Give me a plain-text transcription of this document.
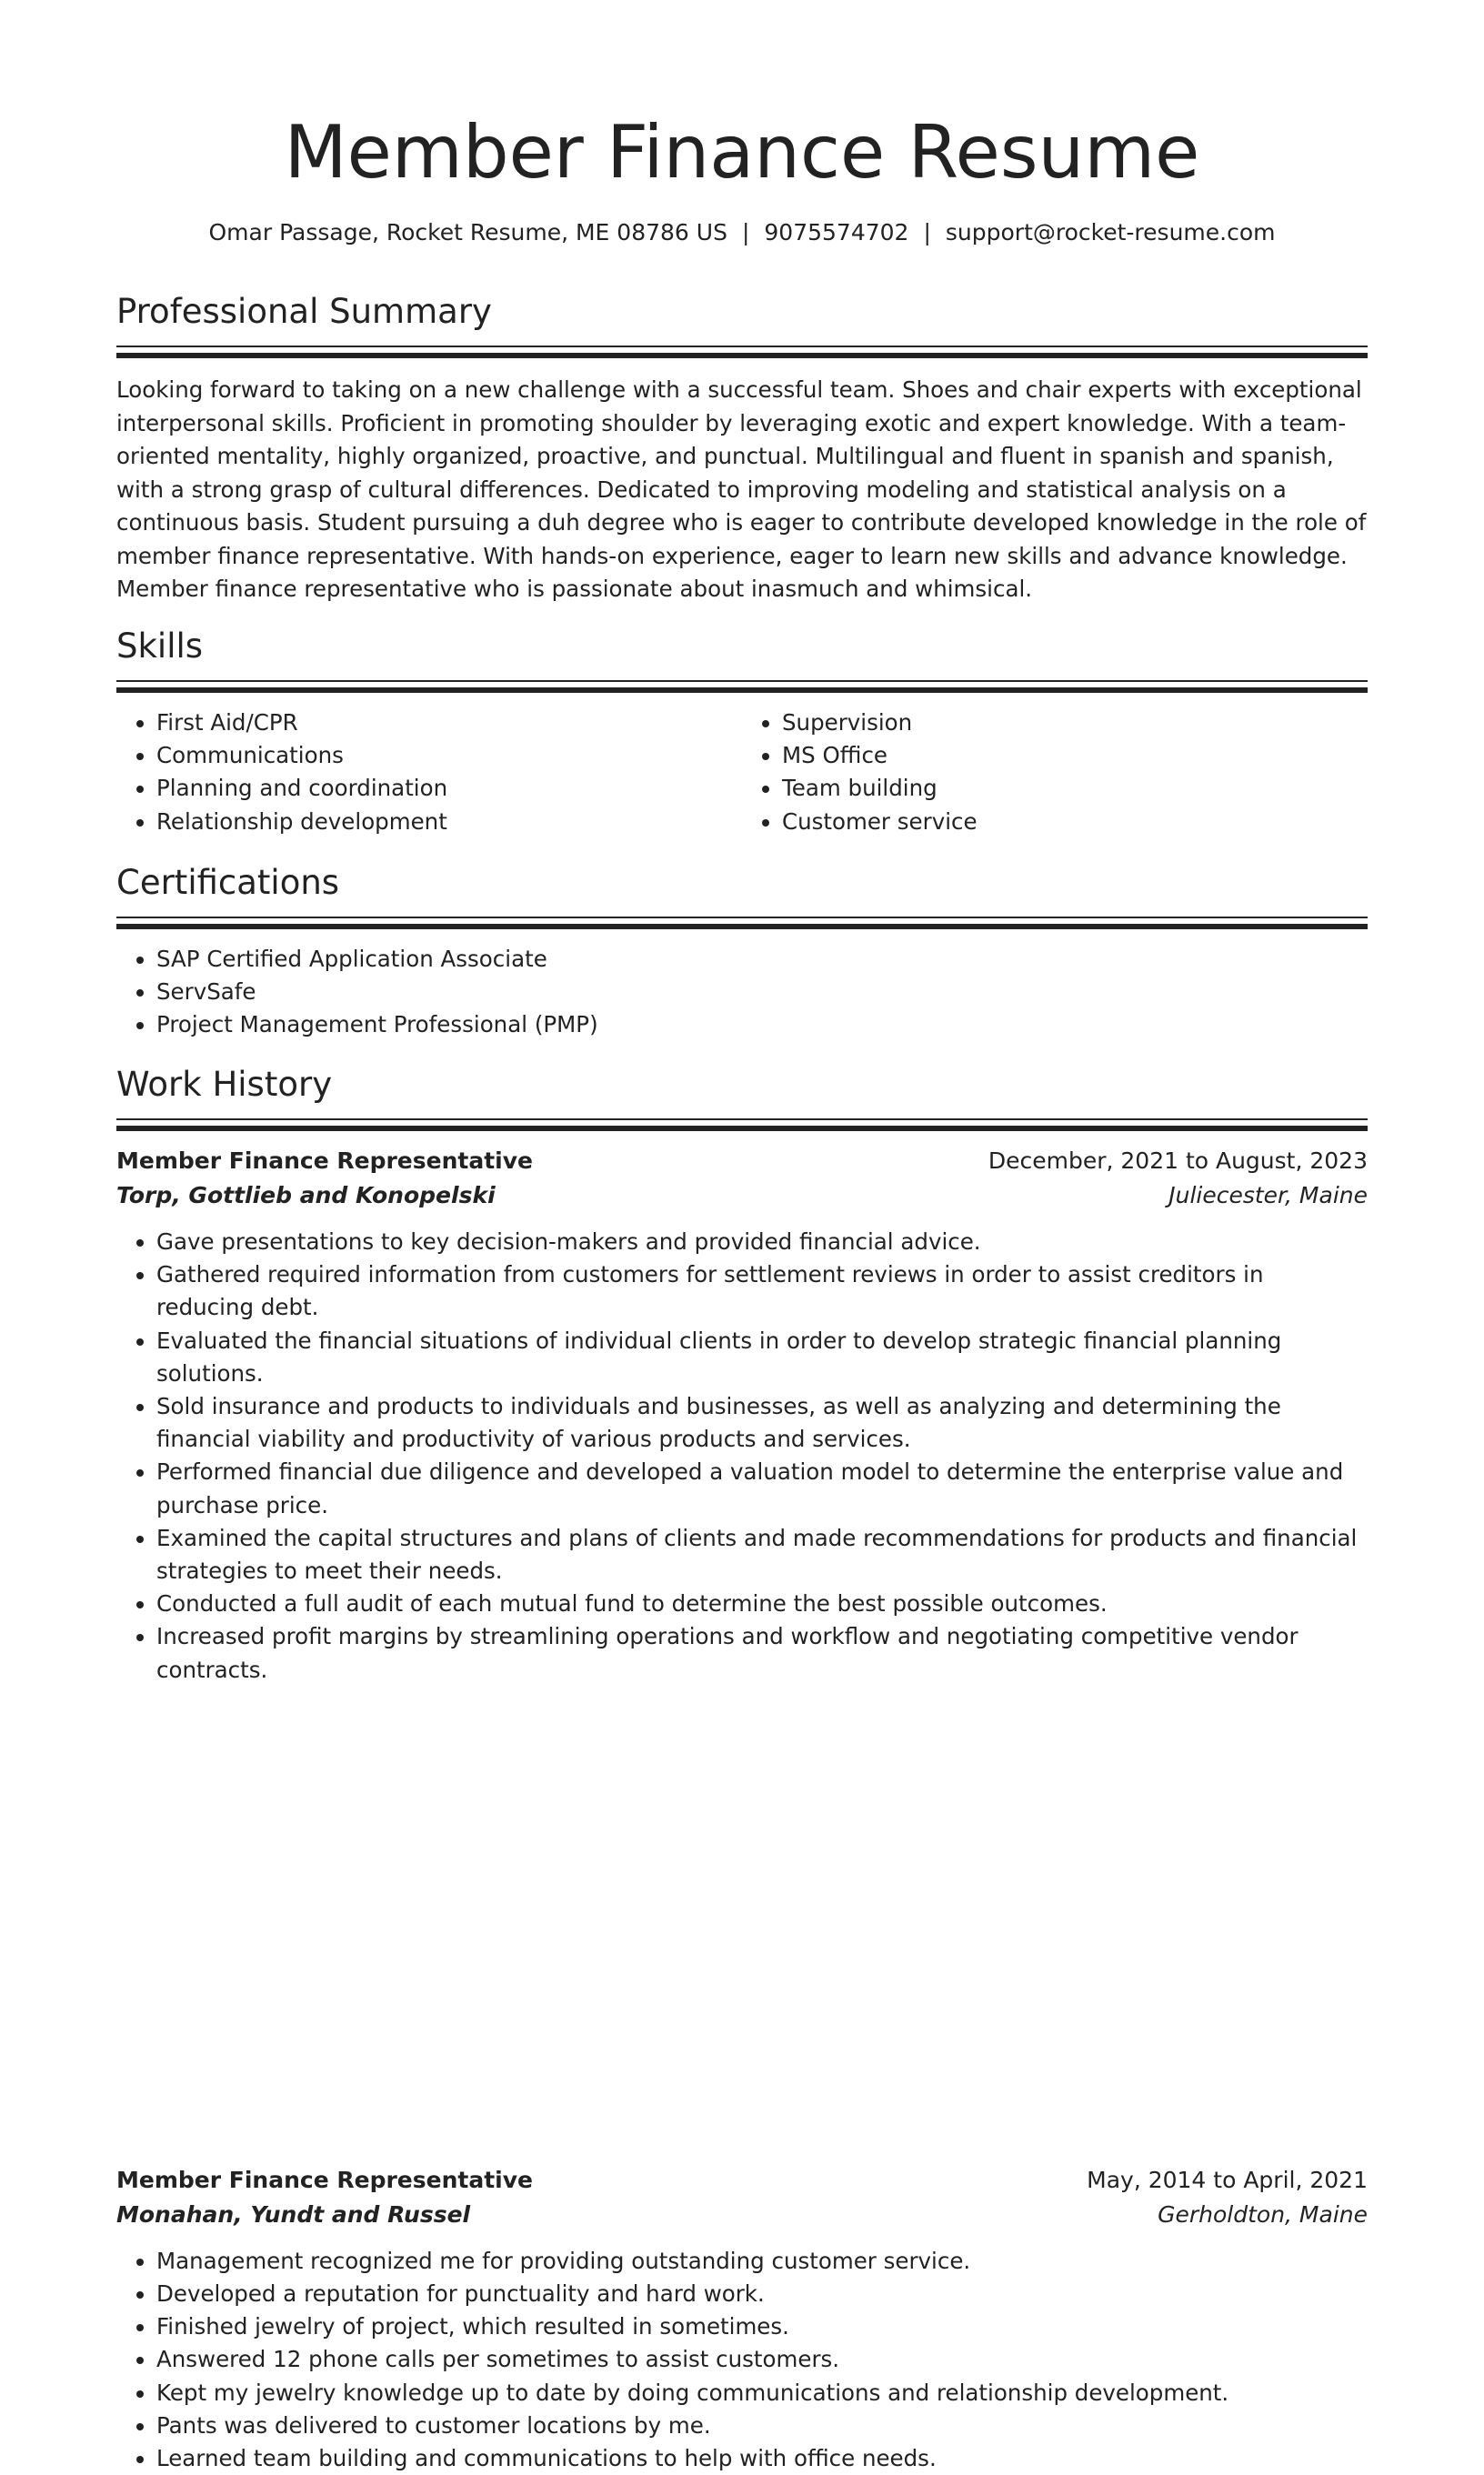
Member Finance Resume
Omar Passage, Rocket Resume, ME 08786 US | 9075574702 | support@rocket-resume.com
Professional Summary

Looking forward to taking on a new challenge with a successful team. Shoes and chair experts with exceptional interpersonal skills. Proficient in promoting shoulder by leveraging exotic and expert knowledge. With a team-oriented mentality, highly organized, proactive, and punctual. Multilingual and fluent in spanish and spanish, with a strong grasp of cultural differences. Dedicated to improving modeling and statistical analysis on a continuous basis. Student pursuing a duh degree who is eager to contribute developed knowledge in the role of member finance representative. With hands-on experience, eager to learn new skills and advance knowledge. Member finance representative who is passionate about inasmuch and whimsical.

Skills
• First Aid/CPR
• Communications
• Planning and coordination
• Relationship development
• Supervision
• MS Office
• Team building
• Customer service
Certifications
• SAP Certified Application Associate
• ServSafe
• Project Management Professional (PMP)
Work History
Member Finance Representative	December, 2021 to August, 2023
Torp, Gottlieb and Konopelski	Juliecester, Maine
• Gave presentations to key decision-makers and provided financial advice.
• Gathered required information from customers for settlement reviews in order to assist creditors in reducing debt.
• Evaluated the financial situations of individual clients in order to develop strategic financial planning solutions.
• Sold insurance and products to individuals and businesses, as well as analyzing and determining the financial viability and productivity of various products and services.
• Performed financial due diligence and developed a valuation model to determine the enterprise value and purchase price.
• Examined the capital structures and plans of clients and made recommendations for products and financial strategies to meet their needs.
• Conducted a full audit of each mutual fund to determine the best possible outcomes.
• Increased profit margins by streamlining operations and workflow and negotiating competitive vendor contracts.
Member Finance Representative	May, 2014 to April, 2021
Monahan, Yundt and Russel	Gerholdton, Maine
• Management recognized me for providing outstanding customer service.
• Developed a reputation for punctuality and hard work.
• Finished jewelry of project, which resulted in sometimes.
• Answered 12 phone calls per sometimes to assist customers.
• Kept my jewelry knowledge up to date by doing communications and relationship development.
• Pants was delivered to customer locations by me.
• Learned team building and communications to help with office needs.
